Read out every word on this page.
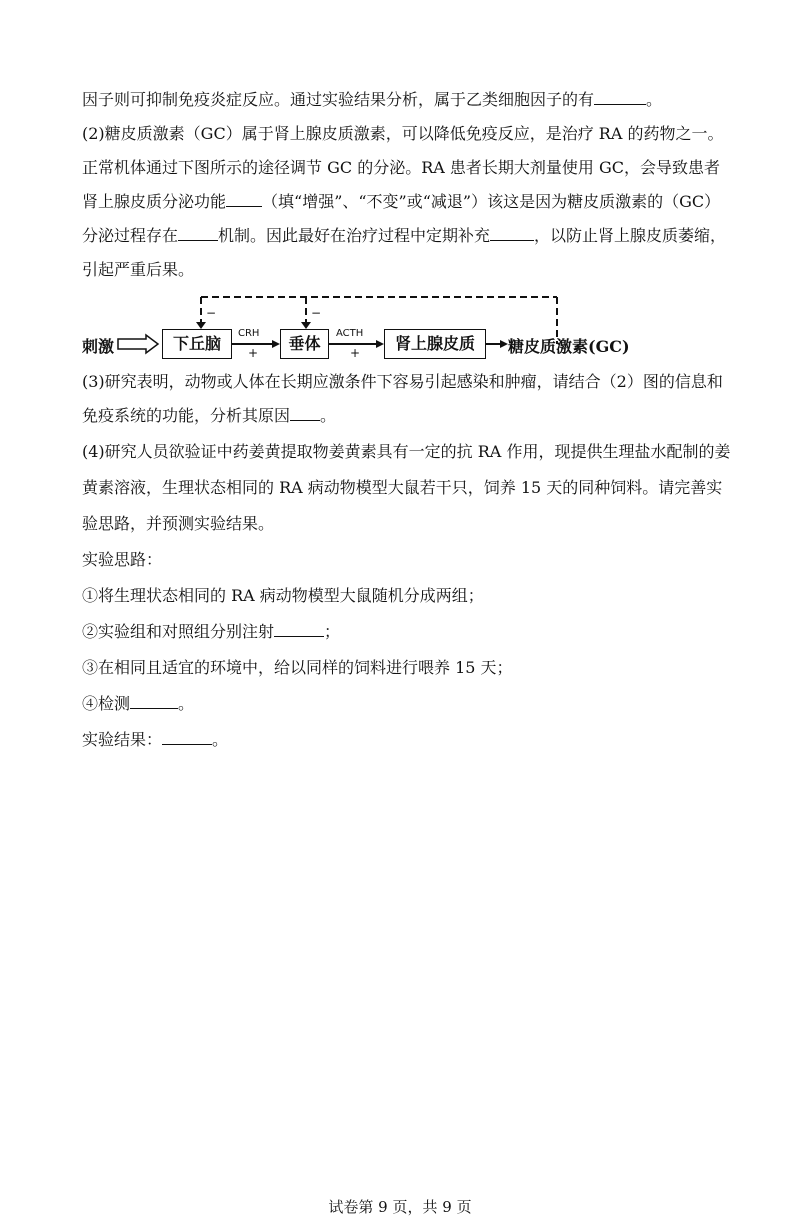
因子则可抑制免疫炎症反应。通过实验结果分析，属于乙类细胞因子的有	。
(2)糖皮质激素（GC）属于肾上腺皮质激素，可以降低免疫反应，是治疗 RA 的药物之一。
正常机体通过下图所示的途径调节 GC 的分泌。RA 患者长期大剂量使用 GC，会导致患者
肾上腺皮质分泌功能 （填“增强”、“不变”或“减退”）该这是因为糖皮质激素的（GC）
分泌过程存在	机制。因此最好在治疗过程中定期补充	，以防止肾上腺皮质萎缩，
引起严重后果。
刺激	下丘脑	垂体	肾上腺皮质	糖皮质激素(GC)
CRH
+
ACTH
+
−	−
(3)研究表明，动物或人体在长期应激条件下容易引起感染和肿瘤，请结合（2）图的信息和
免疫系统的功能，分析其原因 。
(4)研究人员欲验证中药姜黄提取物姜黄素具有一定的抗 RA 作用，现提供生理盐水配制的姜
黄素溶液，生理状态相同的 RA 病动物模型大鼠若干只，饲养 15 天的同种饲料。请完善实
验思路，并预测实验结果。
实验思路：
①将生理状态相同的 RA 病动物模型大鼠随机分成两组；
②实验组和对照组分别注射	；
③在相同且适宜的环境中，给以同样的饲料进行喂养 15 天；
④检测	。
实验结果：	。
试卷第 9 页，共 9 页
